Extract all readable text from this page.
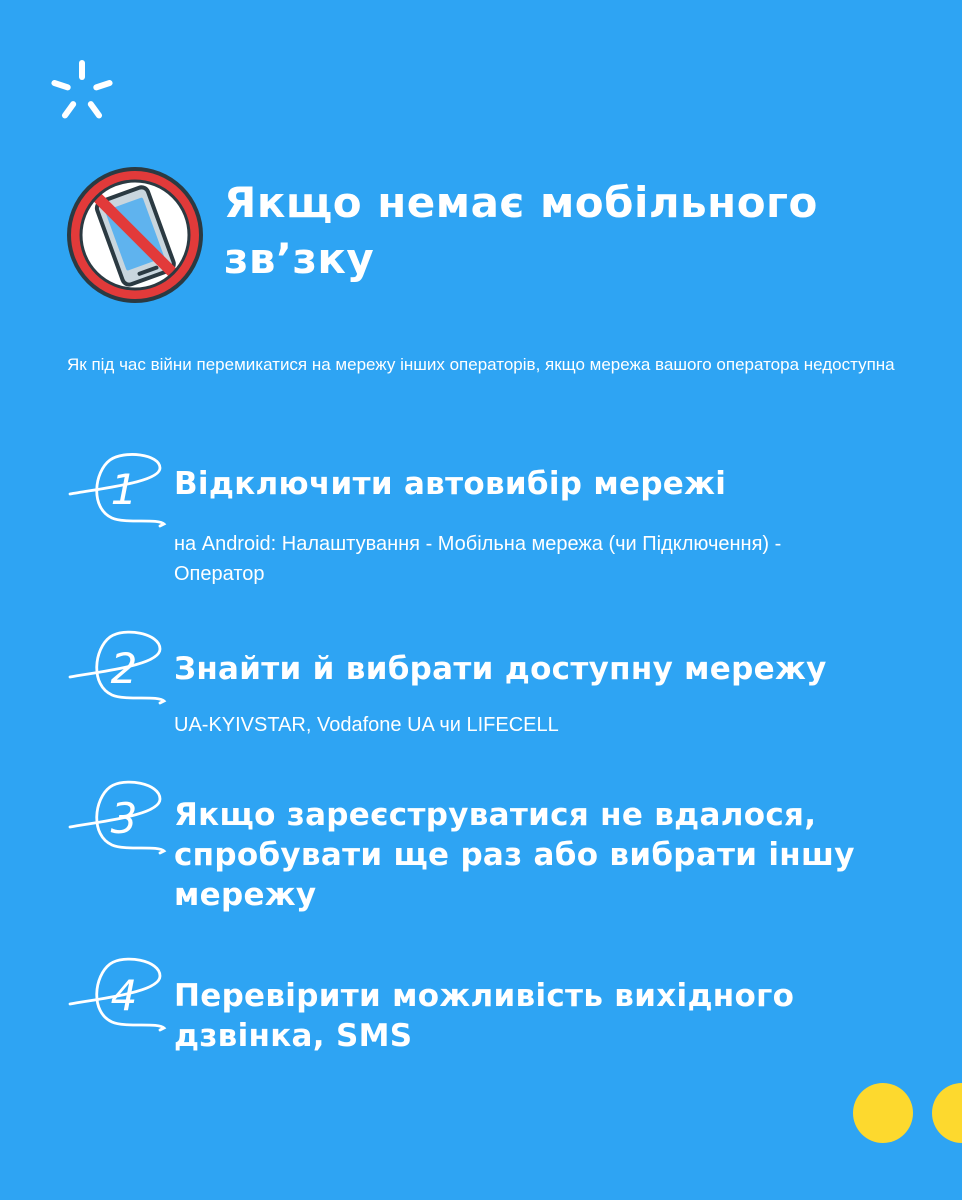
Якщо немає мобільного зв’зку
Як під час війни перемикатися на мережу інших операторів, якщо мережа вашого оператора недоступна
1 Відключити автовибір мережі
на Android: Налаштування - Мобільна мережа (чи Підключення) - Оператор
2 Знайти й вибрати доступну мережу
UA-KYIVSTAR, Vodafone UA чи LIFECELL
3 Якщо зареєструватися не вдалося, спробувати ще раз або вибрати іншу мережу
4 Перевірити можливість вихідного дзвінка, SMS
